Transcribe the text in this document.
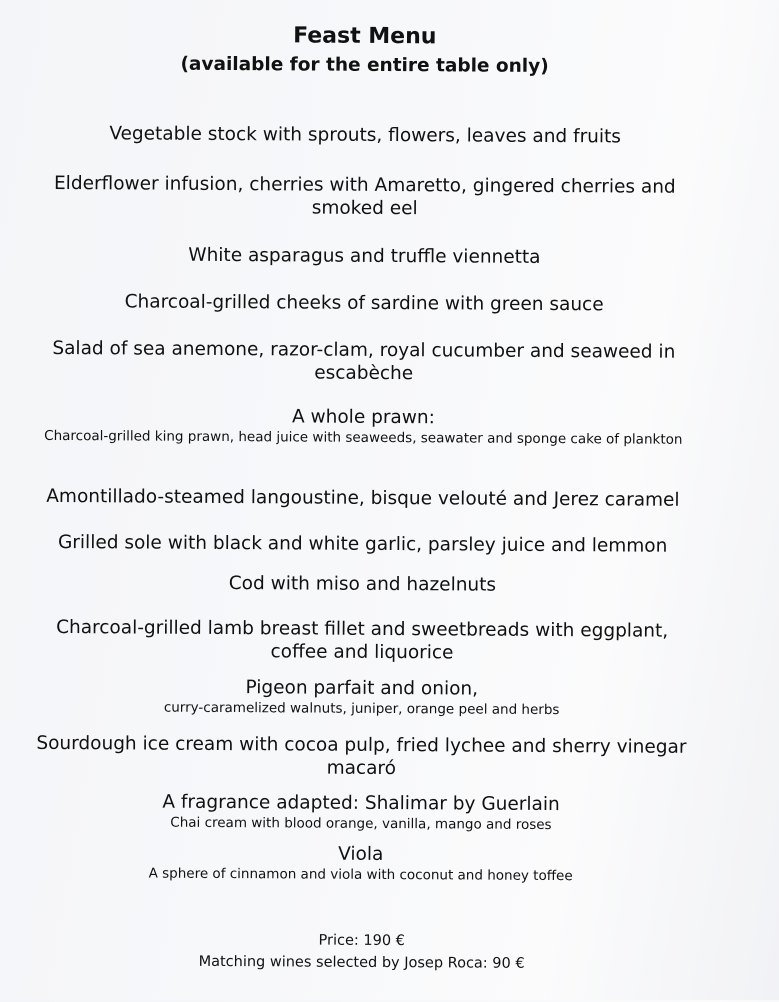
Feast Menu
(available for the entire table only)
Vegetable stock with sprouts, flowers, leaves and fruits
Elderflower infusion, cherries with Amaretto, gingered cherries and smoked eel
White asparagus and truffle viennetta
Charcoal-grilled cheeks of sardine with green sauce
Salad of sea anemone, razor-clam, royal cucumber and seaweed in escabèche
A whole prawn:
Charcoal-grilled king prawn, head juice with seaweeds, seawater and sponge cake of plankton
Amontillado-steamed langoustine, bisque velouté and Jerez caramel
Grilled sole with black and white garlic, parsley juice and lemmon
Cod with miso and hazelnuts
Charcoal-grilled lamb breast fillet and sweetbreads with eggplant, coffee and liquorice
Pigeon parfait and onion,
curry-caramelized walnuts, juniper, orange peel and herbs
Sourdough ice cream with cocoa pulp, fried lychee and sherry vinegar macaró
A fragrance adapted: Shalimar by Guerlain
Chai cream with blood orange, vanilla, mango and roses
Viola
A sphere of cinnamon and viola with coconut and honey toffee
Price: 190 €
Matching wines selected by Josep Roca: 90 €
